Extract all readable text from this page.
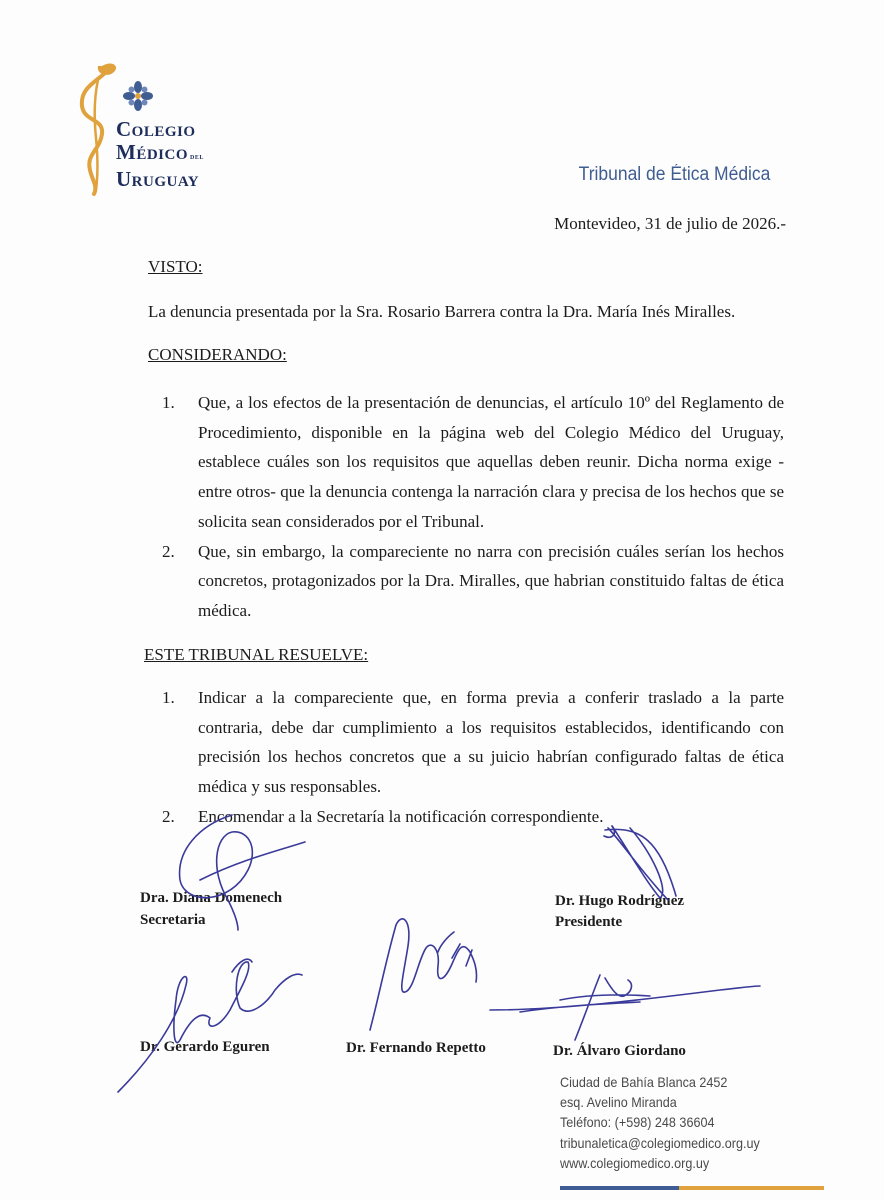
Colegio
Médico del
Uruguay	Tribunal de Ética Médica
Montevideo, 31 de julio de 2026.-
VISTO:
La denuncia presentada por la Sra. Rosario Barrera contra la Dra. María Inés Miralles.
CONSIDERANDO:
1.	Que, a los efectos de la presentación de denuncias, el artículo 10º del Reglamento de Procedimiento, disponible en la página web del Colegio Médico del Uruguay, establece cuáles son los requisitos que aquellas deben reunir. Dicha norma exige -entre otros- que la denuncia contenga la narración clara y precisa de los hechos que se solicita sean considerados por el Tribunal.
2.	Que, sin embargo, la compareciente no narra con precisión cuáles serían los hechos concretos, protagonizados por la Dra. Miralles, que habrian constituido faltas de ética médica.
ESTE TRIBUNAL RESUELVE:
1.	Indicar a la compareciente que, en forma previa a conferir traslado a la parte contraria, debe dar cumplimiento a los requisitos establecidos, identificando con precisión los hechos concretos que a su juicio habrían configurado faltas de ética médica y sus responsables.
2.	Encomendar a la Secretaría la notificación correspondiente.
Dra. Diana Domenech
Secretaria
Dr. Hugo Rodríguez
Presidente
Dr. Gerardo Eguren	Dr. Fernando Repetto	Dr. Álvaro Giordano
Ciudad de Bahía Blanca 2452
esq. Avelino Miranda
Teléfono: (+598) 248 36604
tribunaletica@colegiomedico.org.uy
www.colegiomedico.org.uy
